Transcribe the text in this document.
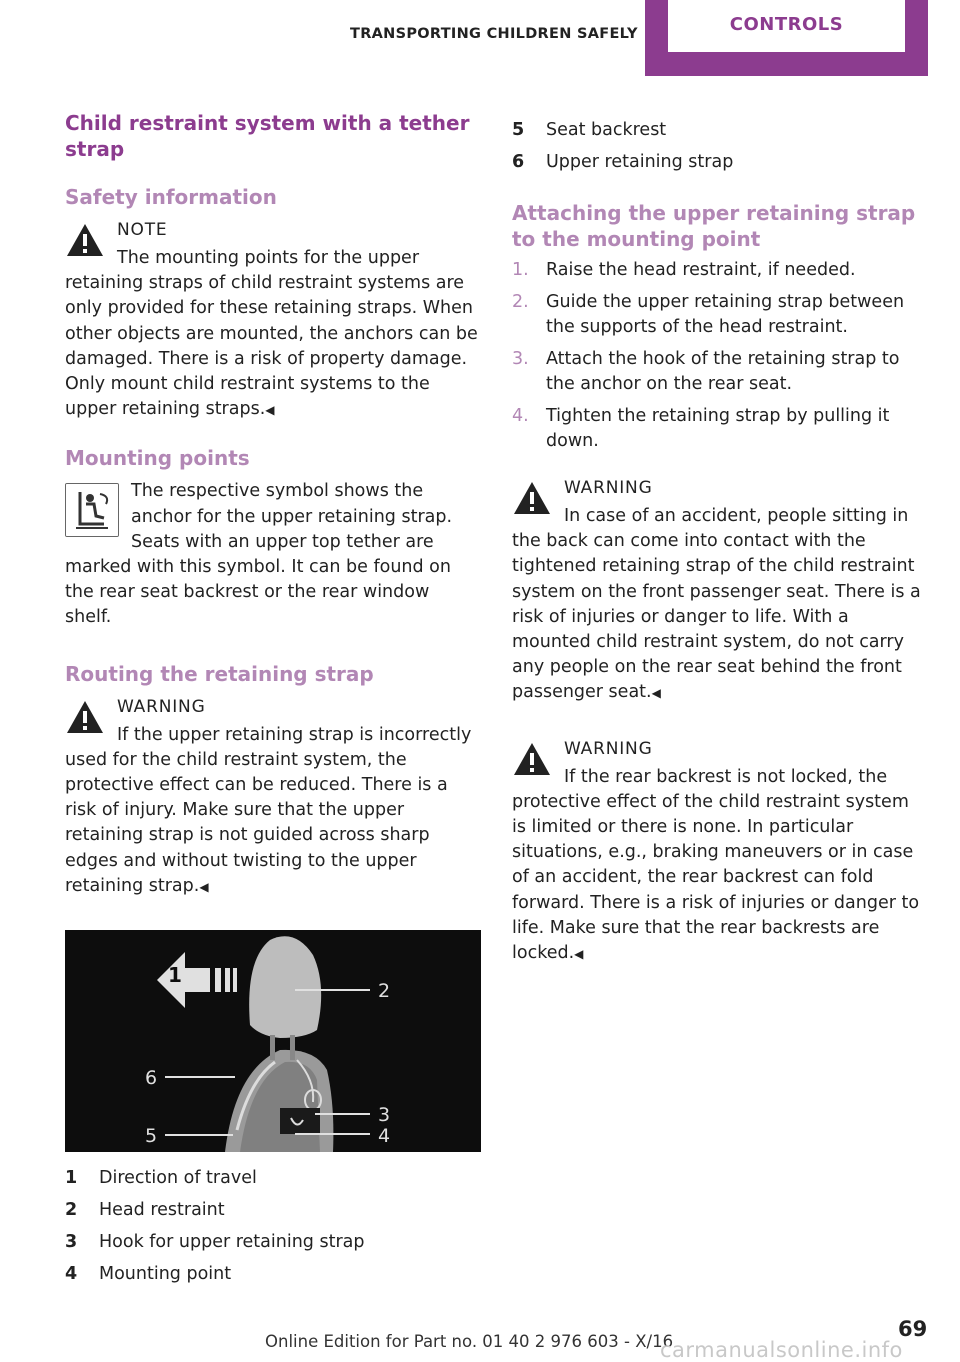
TRANSPORTING CHILDREN SAFELY	CONTROLS
Child restraint system with a tether strap
Safety information
NOTE

The mounting points for the upper retaining straps of child restraint systems are only provided for these retaining straps. When other objects are mounted, the anchors can be damaged. There is a risk of property damage. Only mount child restraint systems to the upper retaining straps.◀

Mounting points

The respective symbol shows the anchor for the upper retaining strap. Seats with an upper top tether are marked with this symbol. It can be found on the rear seat backrest or the rear window shelf.

Routing the retaining strap
WARNING

If the upper retaining strap is incorrectly used for the child restraint system, the protective effect can be reduced. There is a risk of injury. Make sure that the upper retaining strap is not guided across sharp edges and without twisting to the upper retaining strap.◀

1
2
3
4
5
6
1	Direction of travel
2	Head restraint
3	Hook for upper retaining strap
4	Mounting point
5	Seat backrest
6	Upper retaining strap
Attaching the upper retaining strap to the mounting point
1. Raise the head restraint, if needed.
2. Guide the upper retaining strap between the supports of the head restraint.
3. Attach the hook of the retaining strap to the anchor on the rear seat.
4. Tighten the retaining strap by pulling it down.
WARNING

In case of an accident, people sitting in the back can come into contact with the tightened retaining strap of the child restraint system on the front passenger seat. There is a risk of injuries or danger to life. With a mounted child restraint system, do not carry any people on the rear seat behind the front passenger seat.◀

WARNING

If the rear backrest is not locked, the protective effect of the child restraint system is limited or there is none. In particular situations, e.g., braking maneuvers or in case of an accident, the rear backrest can fold forward. There is a risk of injuries or danger to life. Make sure that the rear backrests are locked.◀

Online Edition for Part no. 01 40 2 976 603 - X/16
69
carmanualsonline.info
